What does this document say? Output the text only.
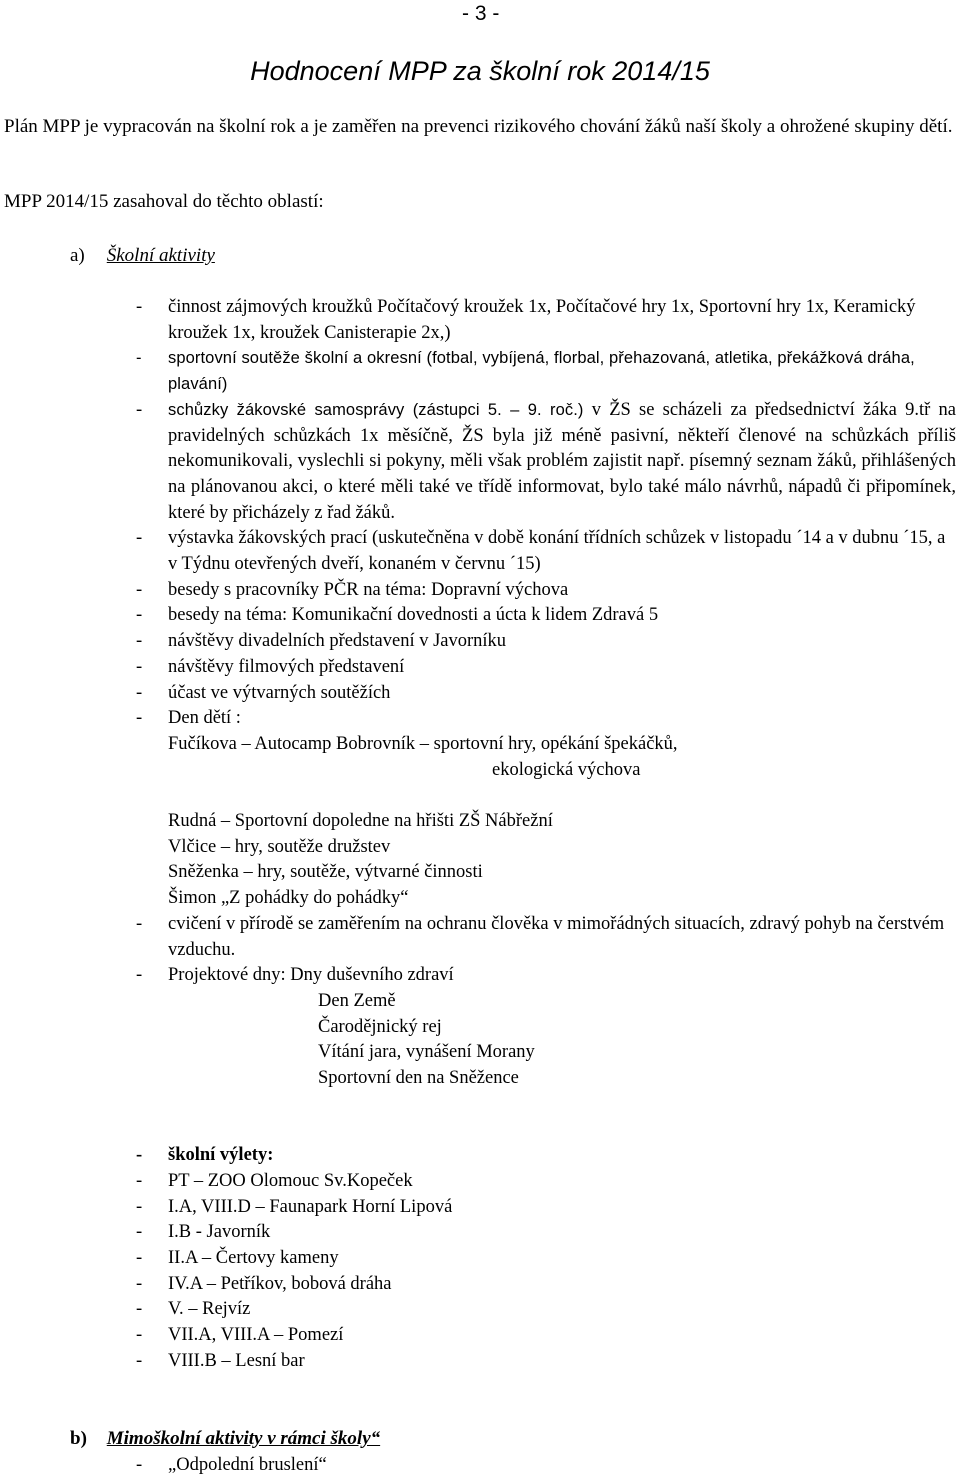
- 3 -
Hodnocení MPP za školní rok 2014/15
Plán MPP je vypracován na školní rok a je zaměřen na prevenci rizikového chování žáků naší školy a ohrožené skupiny dětí.
MPP 2014/15 zasahoval do těchto oblastí:
a) Školní aktivity
- činnost zájmových kroužků Počítačový kroužek 1x, Počítačové hry 1x, Sportovní hry 1x, Keramický kroužek 1x, kroužek Canisterapie 2x,)
- sportovní soutěže školní a okresní (fotbal, vybíjená, florbal, přehazovaná, atletika, překážková dráha, plavání)
- schůzky žákovské samosprávy (zástupci 5. – 9. roč.) v ŽS se scházeli za předsednictví žáka 9.tř na pravidelných schůzkách 1x měsíčně, ŽS byla již méně pasivní, někteří členové na schůzkách příliš nekomunikovali, vyslechli si pokyny, měli však problém zajistit např. písemný seznam žáků, přihlášených na plánovanou akci, o které měli také ve třídě informovat, bylo také málo návrhů, nápadů či připomínek, které by přicházely z řad žáků.
- výstavka žákovských prací (uskutečněna v době konání třídních schůzek v listopadu ´14 a v dubnu ´15, a v Týdnu otevřených dveří, konaném v červnu ´15)
- besedy s pracovníky PČR na téma: Dopravní výchova
- besedy na téma: Komunikační dovednosti a úcta k lidem Zdravá 5
- návštěvy divadelních představení v Javorníku
- návštěvy filmových představení
- účast ve výtvarných soutěžích
- Den dětí :
Fučíkova – Autocamp Bobrovník – sportovní hry, opékání špekáčků,
ekologická výchova
Rudná – Sportovní dopoledne na hřišti ZŠ Nábřežní
Vlčice – hry, soutěže družstev
Sněženka – hry, soutěže, výtvarné činnosti
Šimon „Z pohádky do pohádky“
- cvičení v přírodě se zaměřením na ochranu člověka v mimořádných situacích, zdravý pohyb na čerstvém vzduchu.
- Projektové dny: Dny duševního zdraví
Den Země
Čarodějnický rej
Vítání jara, vynášení Morany
Sportovní den na Sněžence
- školní výlety:
- PT – ZOO Olomouc Sv.Kopeček
- I.A, VIII.D – Faunapark Horní Lipová
- I.B - Javorník
- II.A – Čertovy kameny
- IV.A – Petříkov, bobová dráha
- V. – Rejvíz
- VII.A, VIII.A – Pomezí
- VIII.B – Lesní bar
b) Mimoškolní aktivity v rámci školy“
- „Odpolední bruslení“
